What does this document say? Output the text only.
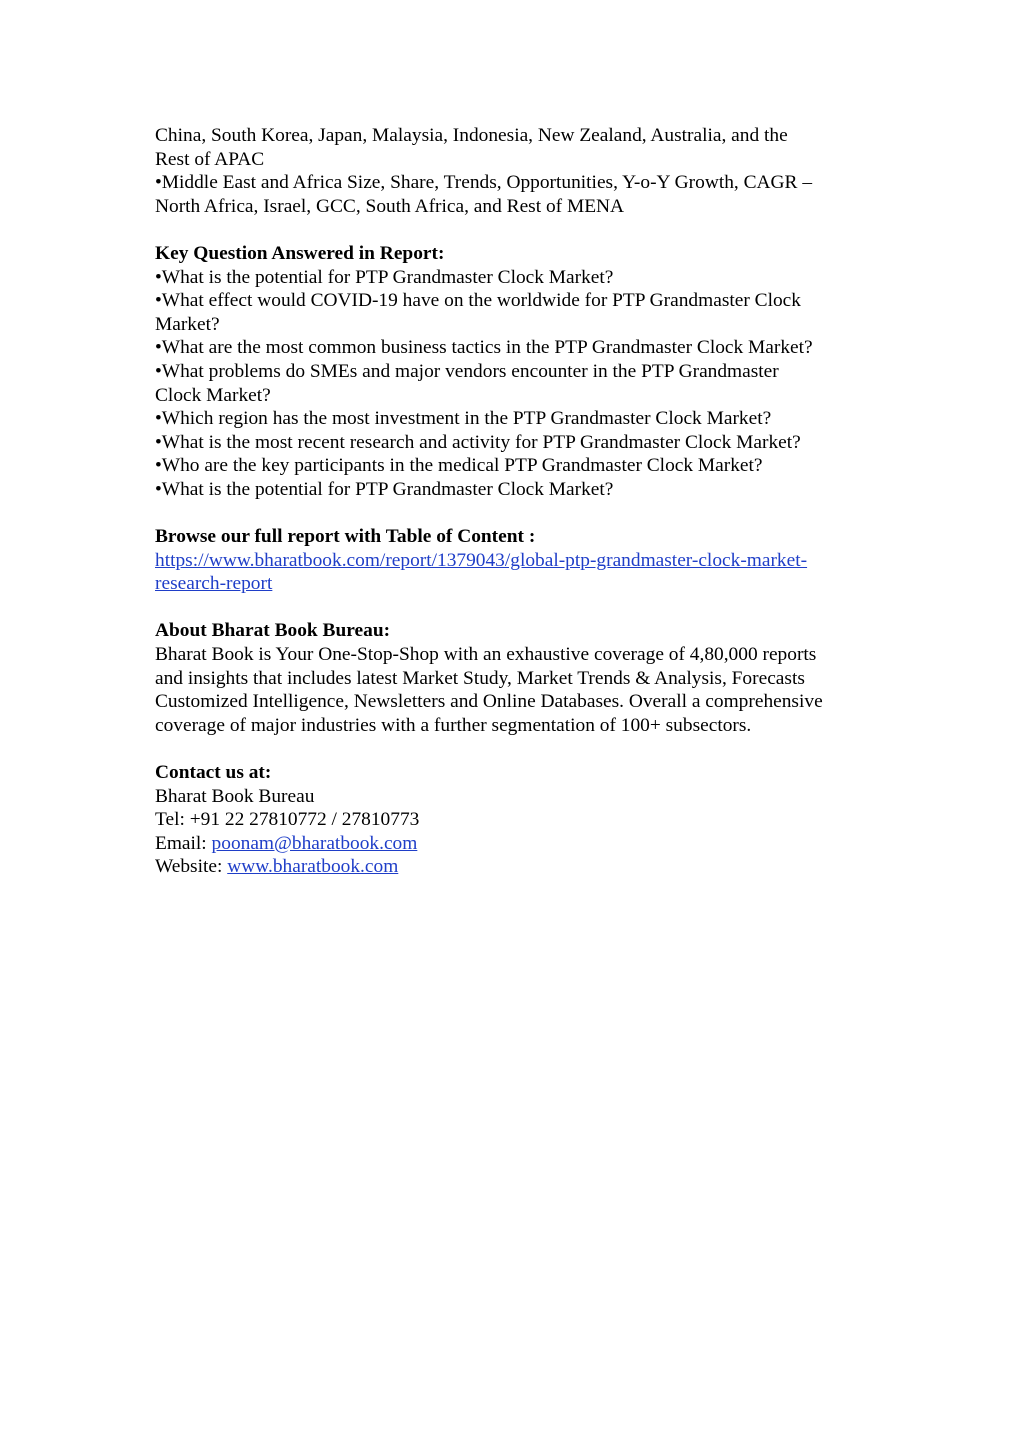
China, South Korea, Japan, Malaysia, Indonesia, New Zealand, Australia, and the
Rest of APAC
•Middle East and Africa Size, Share, Trends, Opportunities, Y-o-Y Growth, CAGR –
North Africa, Israel, GCC, South Africa, and Rest of MENA
Key Question Answered in Report:
•What is the potential for PTP Grandmaster Clock Market?
•What effect would COVID-19 have on the worldwide for PTP Grandmaster Clock
Market?
•What are the most common business tactics in the PTP Grandmaster Clock Market?
•What problems do SMEs and major vendors encounter in the PTP Grandmaster
Clock Market?
•Which region has the most investment in the PTP Grandmaster Clock Market?
•What is the most recent research and activity for PTP Grandmaster Clock Market?
•Who are the key participants in the medical PTP Grandmaster Clock Market?
•What is the potential for PTP Grandmaster Clock Market?
Browse our full report with Table of Content :
https://www.bharatbook.com/report/1379043/global-ptp-grandmaster-clock-market-
research-report
About Bharat Book Bureau:
Bharat Book is Your One-Stop-Shop with an exhaustive coverage of 4,80,000 reports
and insights that includes latest Market Study, Market Trends & Analysis, Forecasts
Customized Intelligence, Newsletters and Online Databases. Overall a comprehensive
coverage of major industries with a further segmentation of 100+ subsectors.
Contact us at:
Bharat Book Bureau
Tel: +91 22 27810772 / 27810773
Email: poonam@bharatbook.com
Website: www.bharatbook.com
